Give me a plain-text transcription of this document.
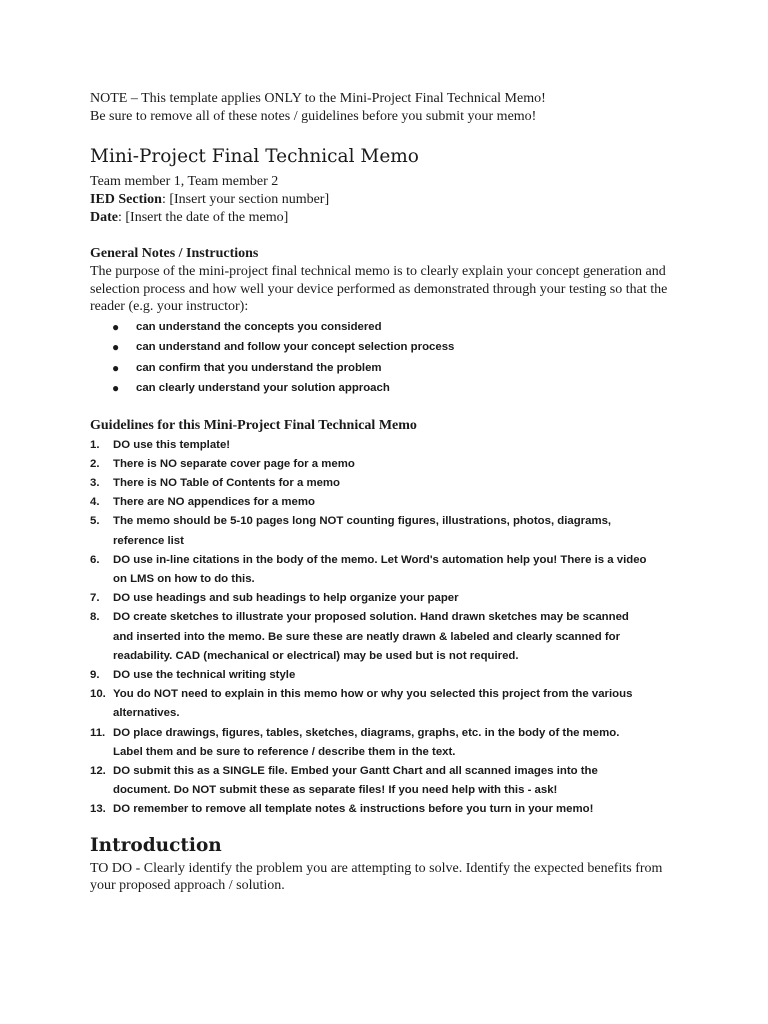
NOTE – This template applies ONLY to the Mini-Project Final Technical Memo!

Be sure to remove all of these notes / guidelines before you submit your memo!

Mini-Project Final Technical Memo

Team member 1, Team member 2

IED Section: [Insert your section number]

Date: [Insert the date of the memo]

General Notes / Instructions

The purpose of the mini-project final technical memo is to clearly explain your concept generation and selection process and how well your device performed as demonstrated through your testing so that the reader (e.g. your instructor):

● can understand the concepts you considered
● can understand and follow your concept selection process
● can confirm that you understand the problem
● can clearly understand your solution approach
Guidelines for this Mini-Project Final Technical Memo
1. DO use this template!
2. There is NO separate cover page for a memo
3. There is NO Table of Contents for a memo
4. There are NO appendices for a memo
5. The memo should be 5-10 pages long NOT counting figures, illustrations, photos, diagrams, reference list
6. DO use in-line citations in the body of the memo. Let Word's automation help you! There is a video on LMS on how to do this.
7. DO use headings and sub headings to help organize your paper
8. DO create sketches to illustrate your proposed solution. Hand drawn sketches may be scanned and inserted into the memo. Be sure these are neatly drawn & labeled and clearly scanned for readability. CAD (mechanical or electrical) may be used but is not required.
9. DO use the technical writing style
10. You do NOT need to explain in this memo how or why you selected this project from the various alternatives.
11. DO place drawings, figures, tables, sketches, diagrams, graphs, etc. in the body of the memo. Label them and be sure to reference / describe them in the text.
12. DO submit this as a SINGLE file. Embed your Gantt Chart and all scanned images into the document. Do NOT submit these as separate files! If you need help with this - ask!
13. DO remember to remove all template notes & instructions before you turn in your memo!
Introduction

TO DO - Clearly identify the problem you are attempting to solve. Identify the expected benefits from your proposed approach / solution.
